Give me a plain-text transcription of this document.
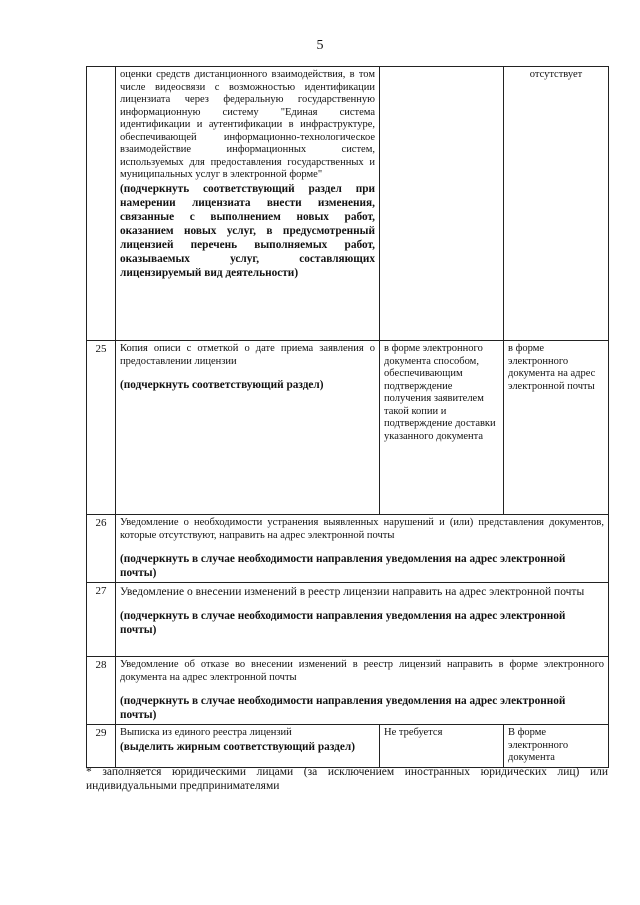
5

	оценки средств дистанционного взаимодействия, в том числе видеосвязи с возможностью идентификации лицензиата через федеральную государственную информационную систему "Единая система идентификации и аутентификации в инфраструктуре, обеспечивающей информационно-технологическое взаимодействие информационных систем, используемых для предоставления государственных и муниципальных услуг в электронной форме"
(подчеркнуть соответствующий раздел при намерении лицензиата внести изменения, связанные с выполнением новых работ, оказанием новых услуг, в предусмотренный лицензией перечень выполняемых работ, оказываемых услуг, составляющих лицензируемый вид деятельности)		отсутствует
25	Копия описи с отметкой о дате приема заявления о предоставлении лицензии
(подчеркнуть соответствующий раздел)	в форме электронного документа способом, обеспечивающим подтверждение получения заявителем такой копии и подтверждение доставки указанного документа	в форме электронного документа на адрес электронной почты
26	Уведомление о необходимости устранения выявленных нарушений и (или) представления документов, которые отсутствуют, направить на адрес электронной почты
(подчеркнуть в случае необходимости направления уведомления на адрес электронной почты)		

27	Уведомление о внесении изменений в реестр лицензии направить на адрес электронной почты
(подчеркнуть в случае необходимости направления уведомления на адрес электронной почты)		

28	Уведомление об отказе во внесении изменений в реестр лицензий направить в форме электронного документа на адрес электронной почты
(подчеркнуть в случае необходимости направления уведомления на адрес электронной почты)		

29	Выписка из единого реестра лицензий
(выделить жирным соответствующий раздел)	Не требуется	В форме электронного документа
* заполняется юридическими лицами (за исключением иностранных юридических лиц) или индивидуальными предпринимателями
